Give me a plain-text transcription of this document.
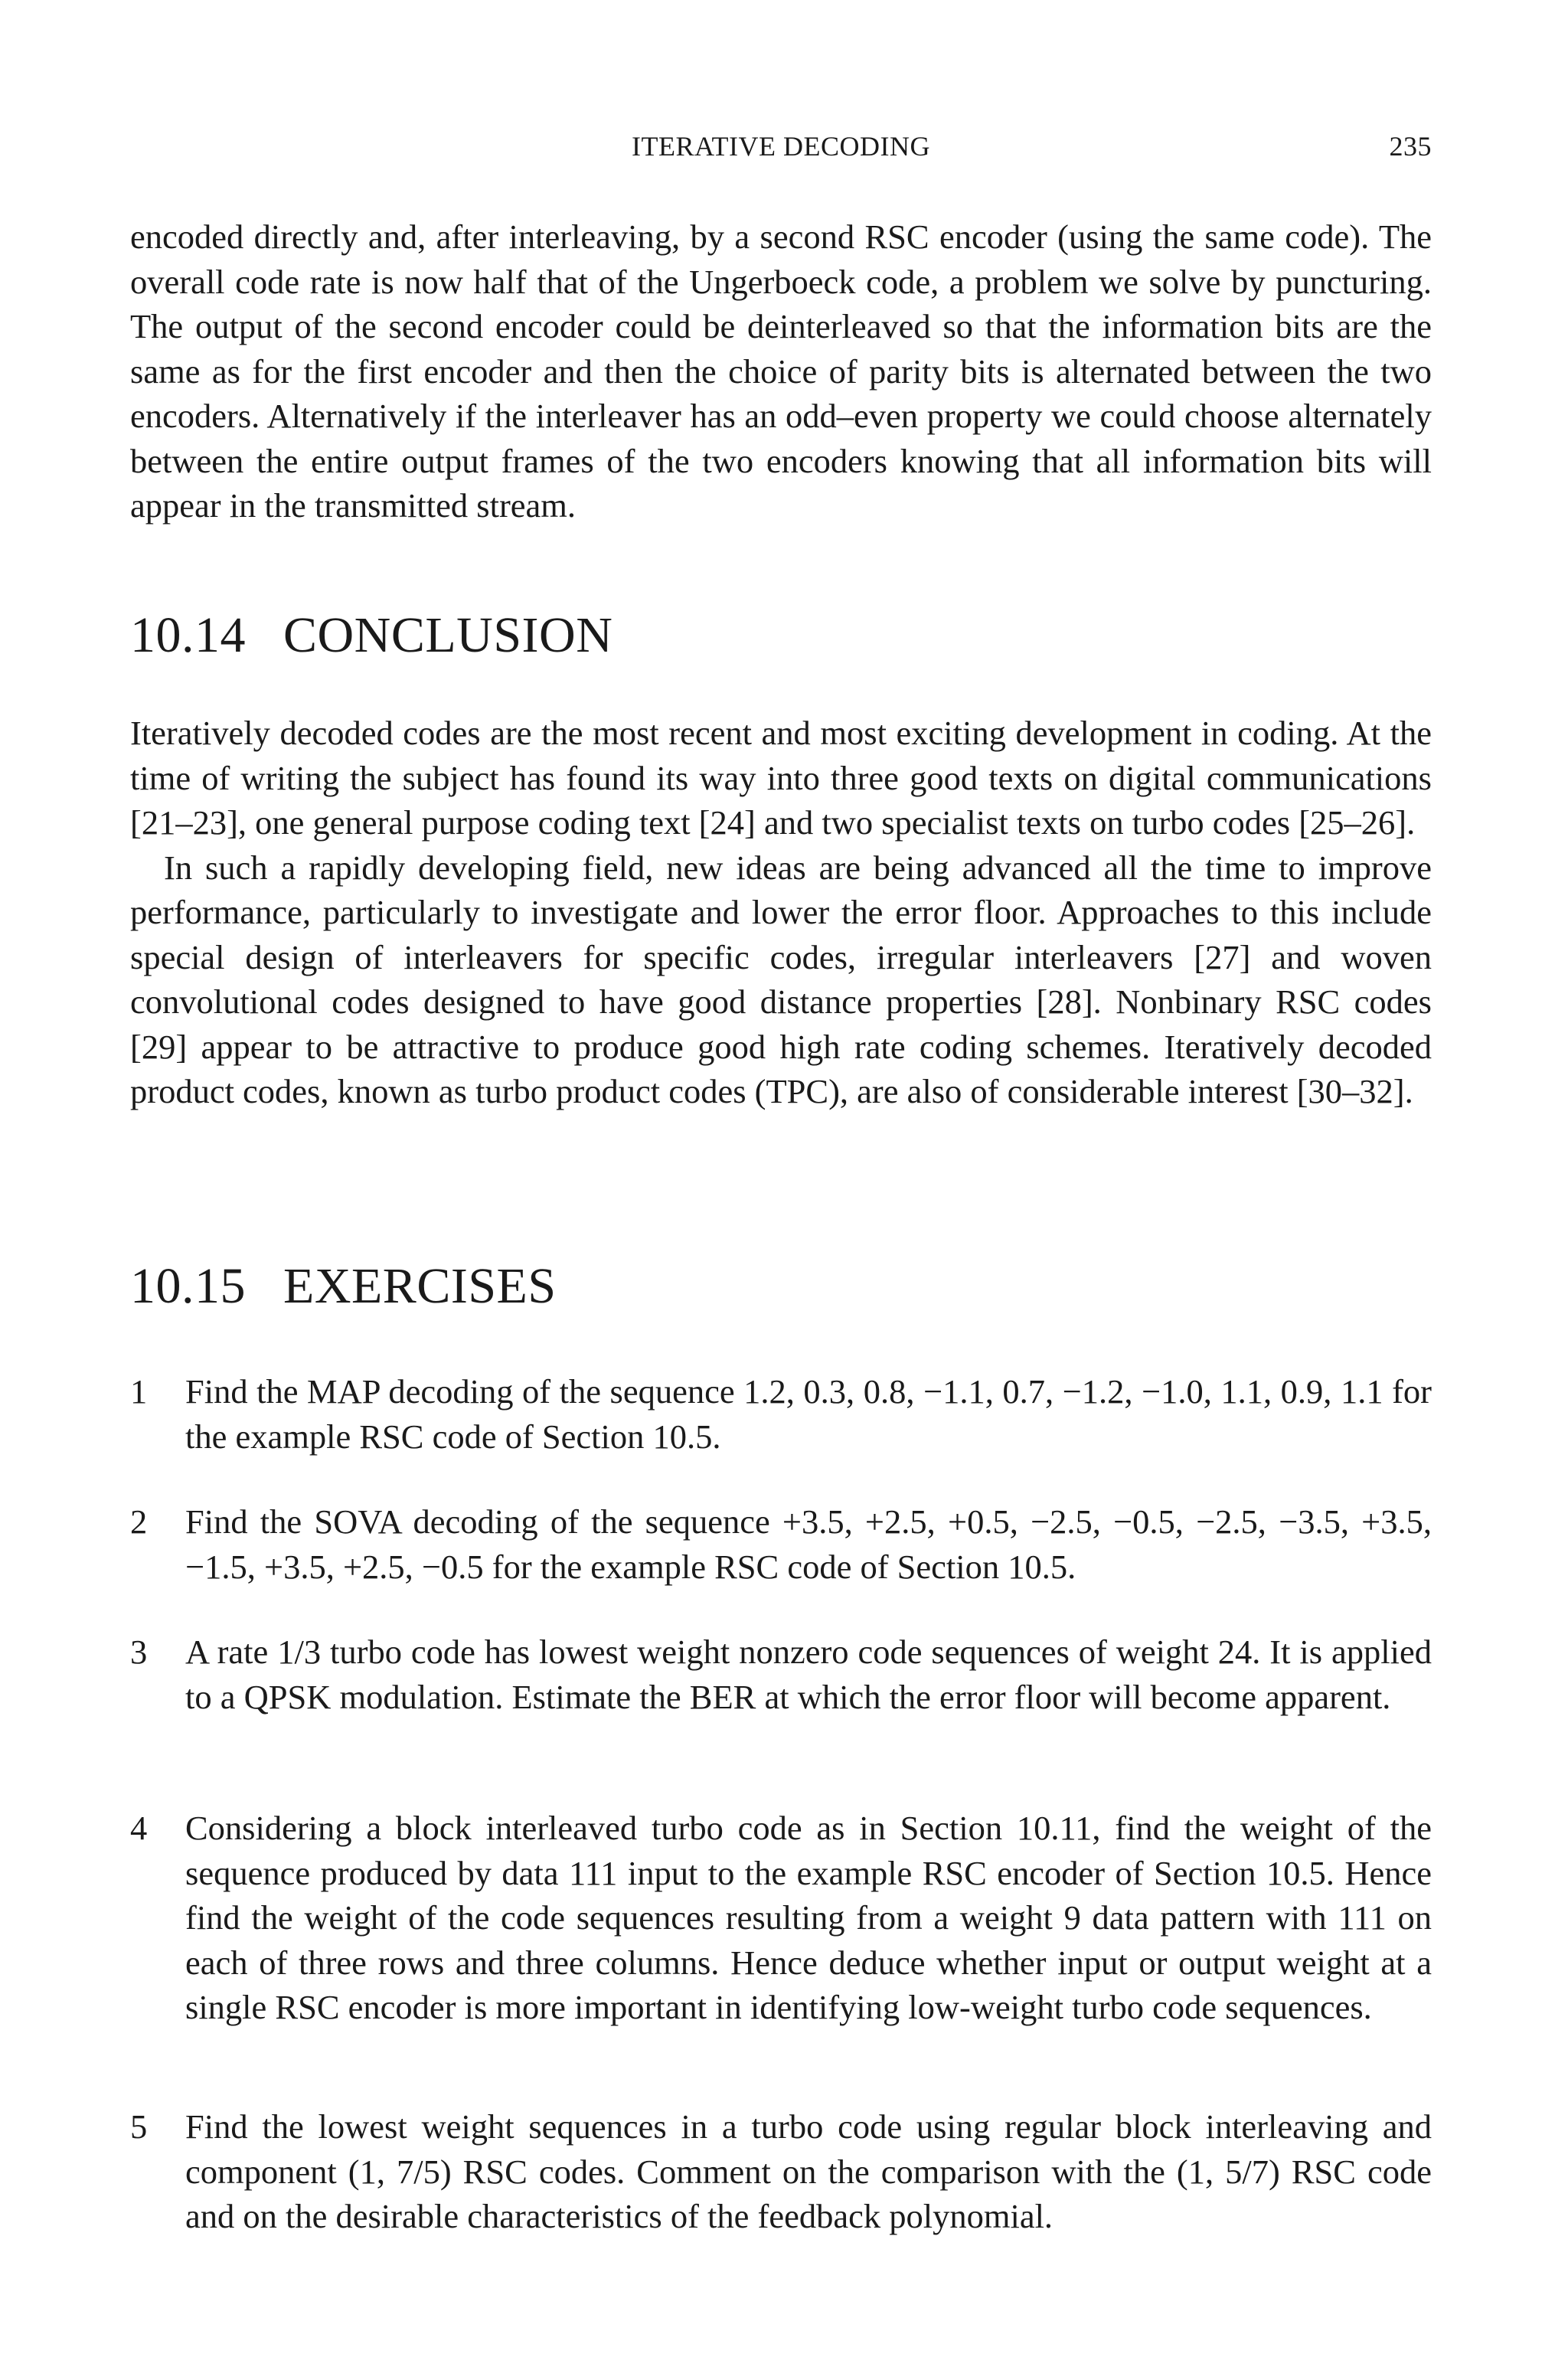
ITERATIVE DECODING	235

encoded directly and, after interleaving, by a second RSC encoder (using the same code). The overall code rate is now half that of the Ungerboeck code, a problem we solve by puncturing. The output of the second encoder could be deinterleaved so that the information bits are the same as for the first encoder and then the choice of parity bits is alternated between the two encoders. Alternatively if the interleaver has an odd–even property we could choose alternately between the entire output frames of the two encoders knowing that all information bits will appear in the transmitted stream.

10.14 CONCLUSION

Iteratively decoded codes are the most recent and most exciting development in coding. At the time of writing the subject has found its way into three good texts on digital communications [21–23], one general purpose coding text [24] and two specialist texts on turbo codes [25–26].

In such a rapidly developing field, new ideas are being advanced all the time to improve performance, particularly to investigate and lower the error floor. Approaches to this include special design of interleavers for specific codes, irregular interleavers [27] and woven convolutional codes designed to have good distance properties [28]. Nonbinary RSC codes [29] appear to be attractive to produce good high rate coding schemes. Iteratively decoded product codes, known as turbo product codes (TPC), are also of considerable interest [30–32].

10.15 EXERCISES
1 Find the MAP decoding of the sequence 1.2, 0.3, 0.8, −1.1, 0.7, −1.2, −1.0, 1.1, 0.9, 1.1 for the example RSC code of Section 10.5.

2 Find the SOVA decoding of the sequence +3.5, +2.5, +0.5, −2.5, −0.5, −2.5, −3.5, +3.5, −1.5, +3.5, +2.5, −0.5 for the example RSC code of Section 10.5.

3 A rate 1/3 turbo code has lowest weight nonzero code sequences of weight 24. It is applied to a QPSK modulation. Estimate the BER at which the error floor will become apparent.

4 Considering a block interleaved turbo code as in Section 10.11, find the weight of the sequence produced by data 111 input to the example RSC encoder of Section 10.5. Hence find the weight of the code sequences resulting from a weight 9 data pattern with 111 on each of three rows and three columns. Hence deduce whether input or output weight at a single RSC encoder is more important in identifying low-weight turbo code sequences.

5 Find the lowest weight sequences in a turbo code using regular block interleaving and component (1, 7/5) RSC codes. Comment on the comparison with the (1, 5/7) RSC code and on the desirable characteristics of the feedback polynomial.
